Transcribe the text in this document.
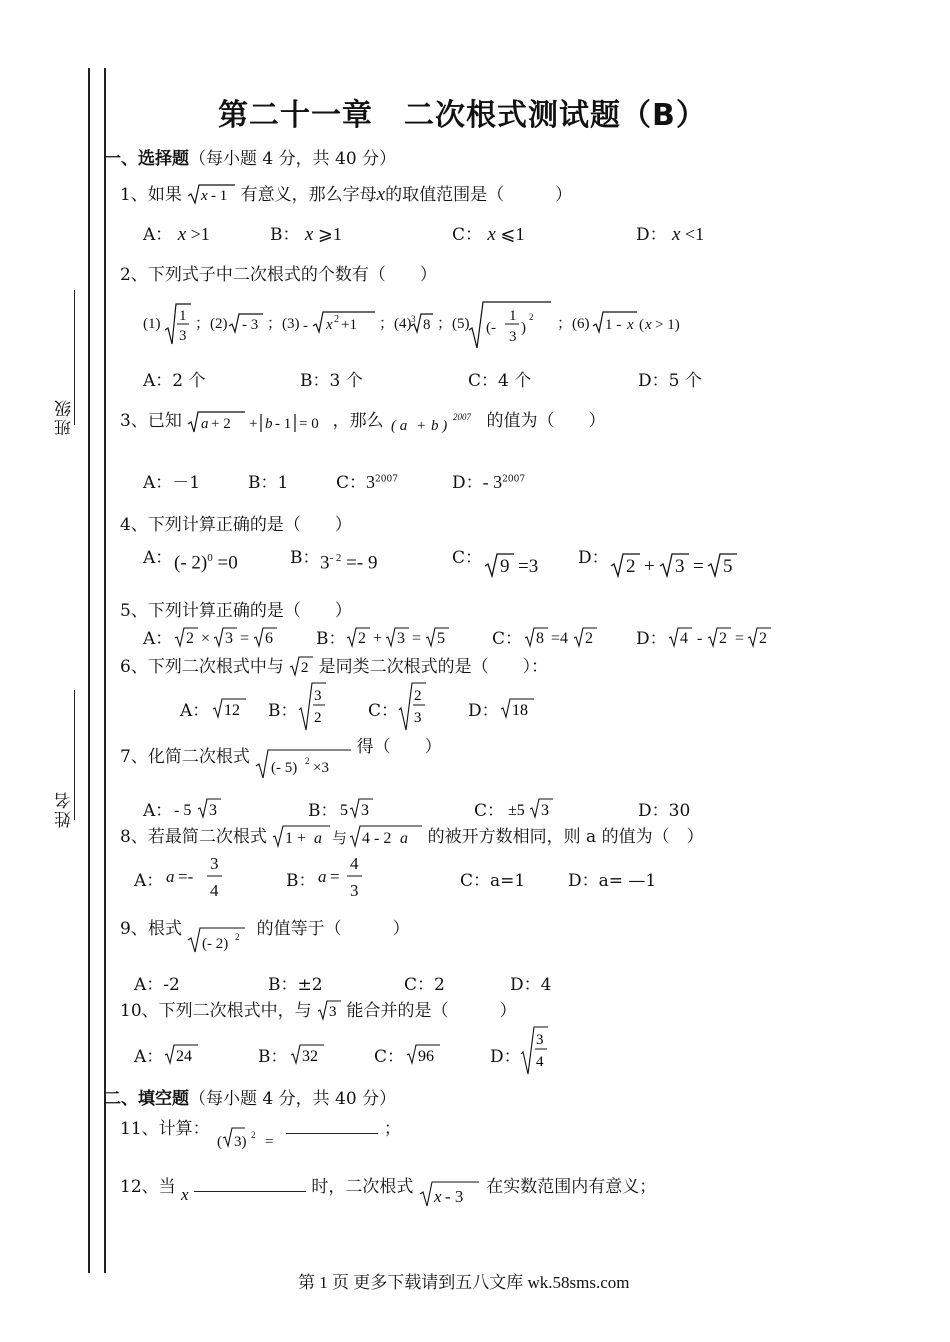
班级
姓名
第二十一章　二次根式测试题（B）
一、选择题（每小题 4 分，共 40 分）
1、如果 x - 1 有意义，那么字母x的取值范围是（　　　）
A： x >1	B： x ⩾1	C： x ⩽1	D： x <1
2、下列式子中二次根式的个数有（　　）
(1) 1
3
；(2) - 3 ；(3) - x 2 +1 ；(4) 3 8 ；(5) (-
1
3
)
2 ；(6) 1 - x ( x > 1)
A：2 个	B：3 个	C：4 个	D：5 个
3、已知 a + 2 + b - 1 = 0 ，那么 ( a + b )
2007 的值为（　　）
A：－1	B：1	C：$3^{2007}$	D：- $3^{2007}$
4、下列计算正确的是（　　）
A： (- 2)$^0$ =0	B： $3^{- 2} =- 9$	C： 9 =3 D： 2 + 3 = 5
5、下列计算正确的是（　　）
A： 2 × 3 = 6	B： 2 + 3 = 5	C： 8 =4 2	D： 4 - 2 = 2
6、下列二次根式中与 2 是同类二次根式的是（　　）：
A： 12 B：
3
2	C：
2
3	D： 18
7、化简二次根式
(- 5) 2 ×3
得（　　）
A： - 5 3	B： 5 3	C： ±5 3	D：30
8、若最简二次根式 1 + a 与 4 - 2 a 的被开方数相同，则 a 的值为（　）
A： a =-
3
4	B： a =
4
3	C：a=1	D：a= —1
9、根式
(- 2) 2 的值等于（　　　）
A：-2	B：±2	C：2	D：4
10、下列二次根式中，与 3 能合并的是（　　　）
A： 24	B： 32	C： 96	D：
3
4
二、填空题（每小题 4 分，共 40 分）
11、计算：
( 3) 2 =
；
12、当 x	时，二次根式 x - 3 在实数范围内有意义；
第 1 页 更多下载请到五八文库 wk.58sms.com
